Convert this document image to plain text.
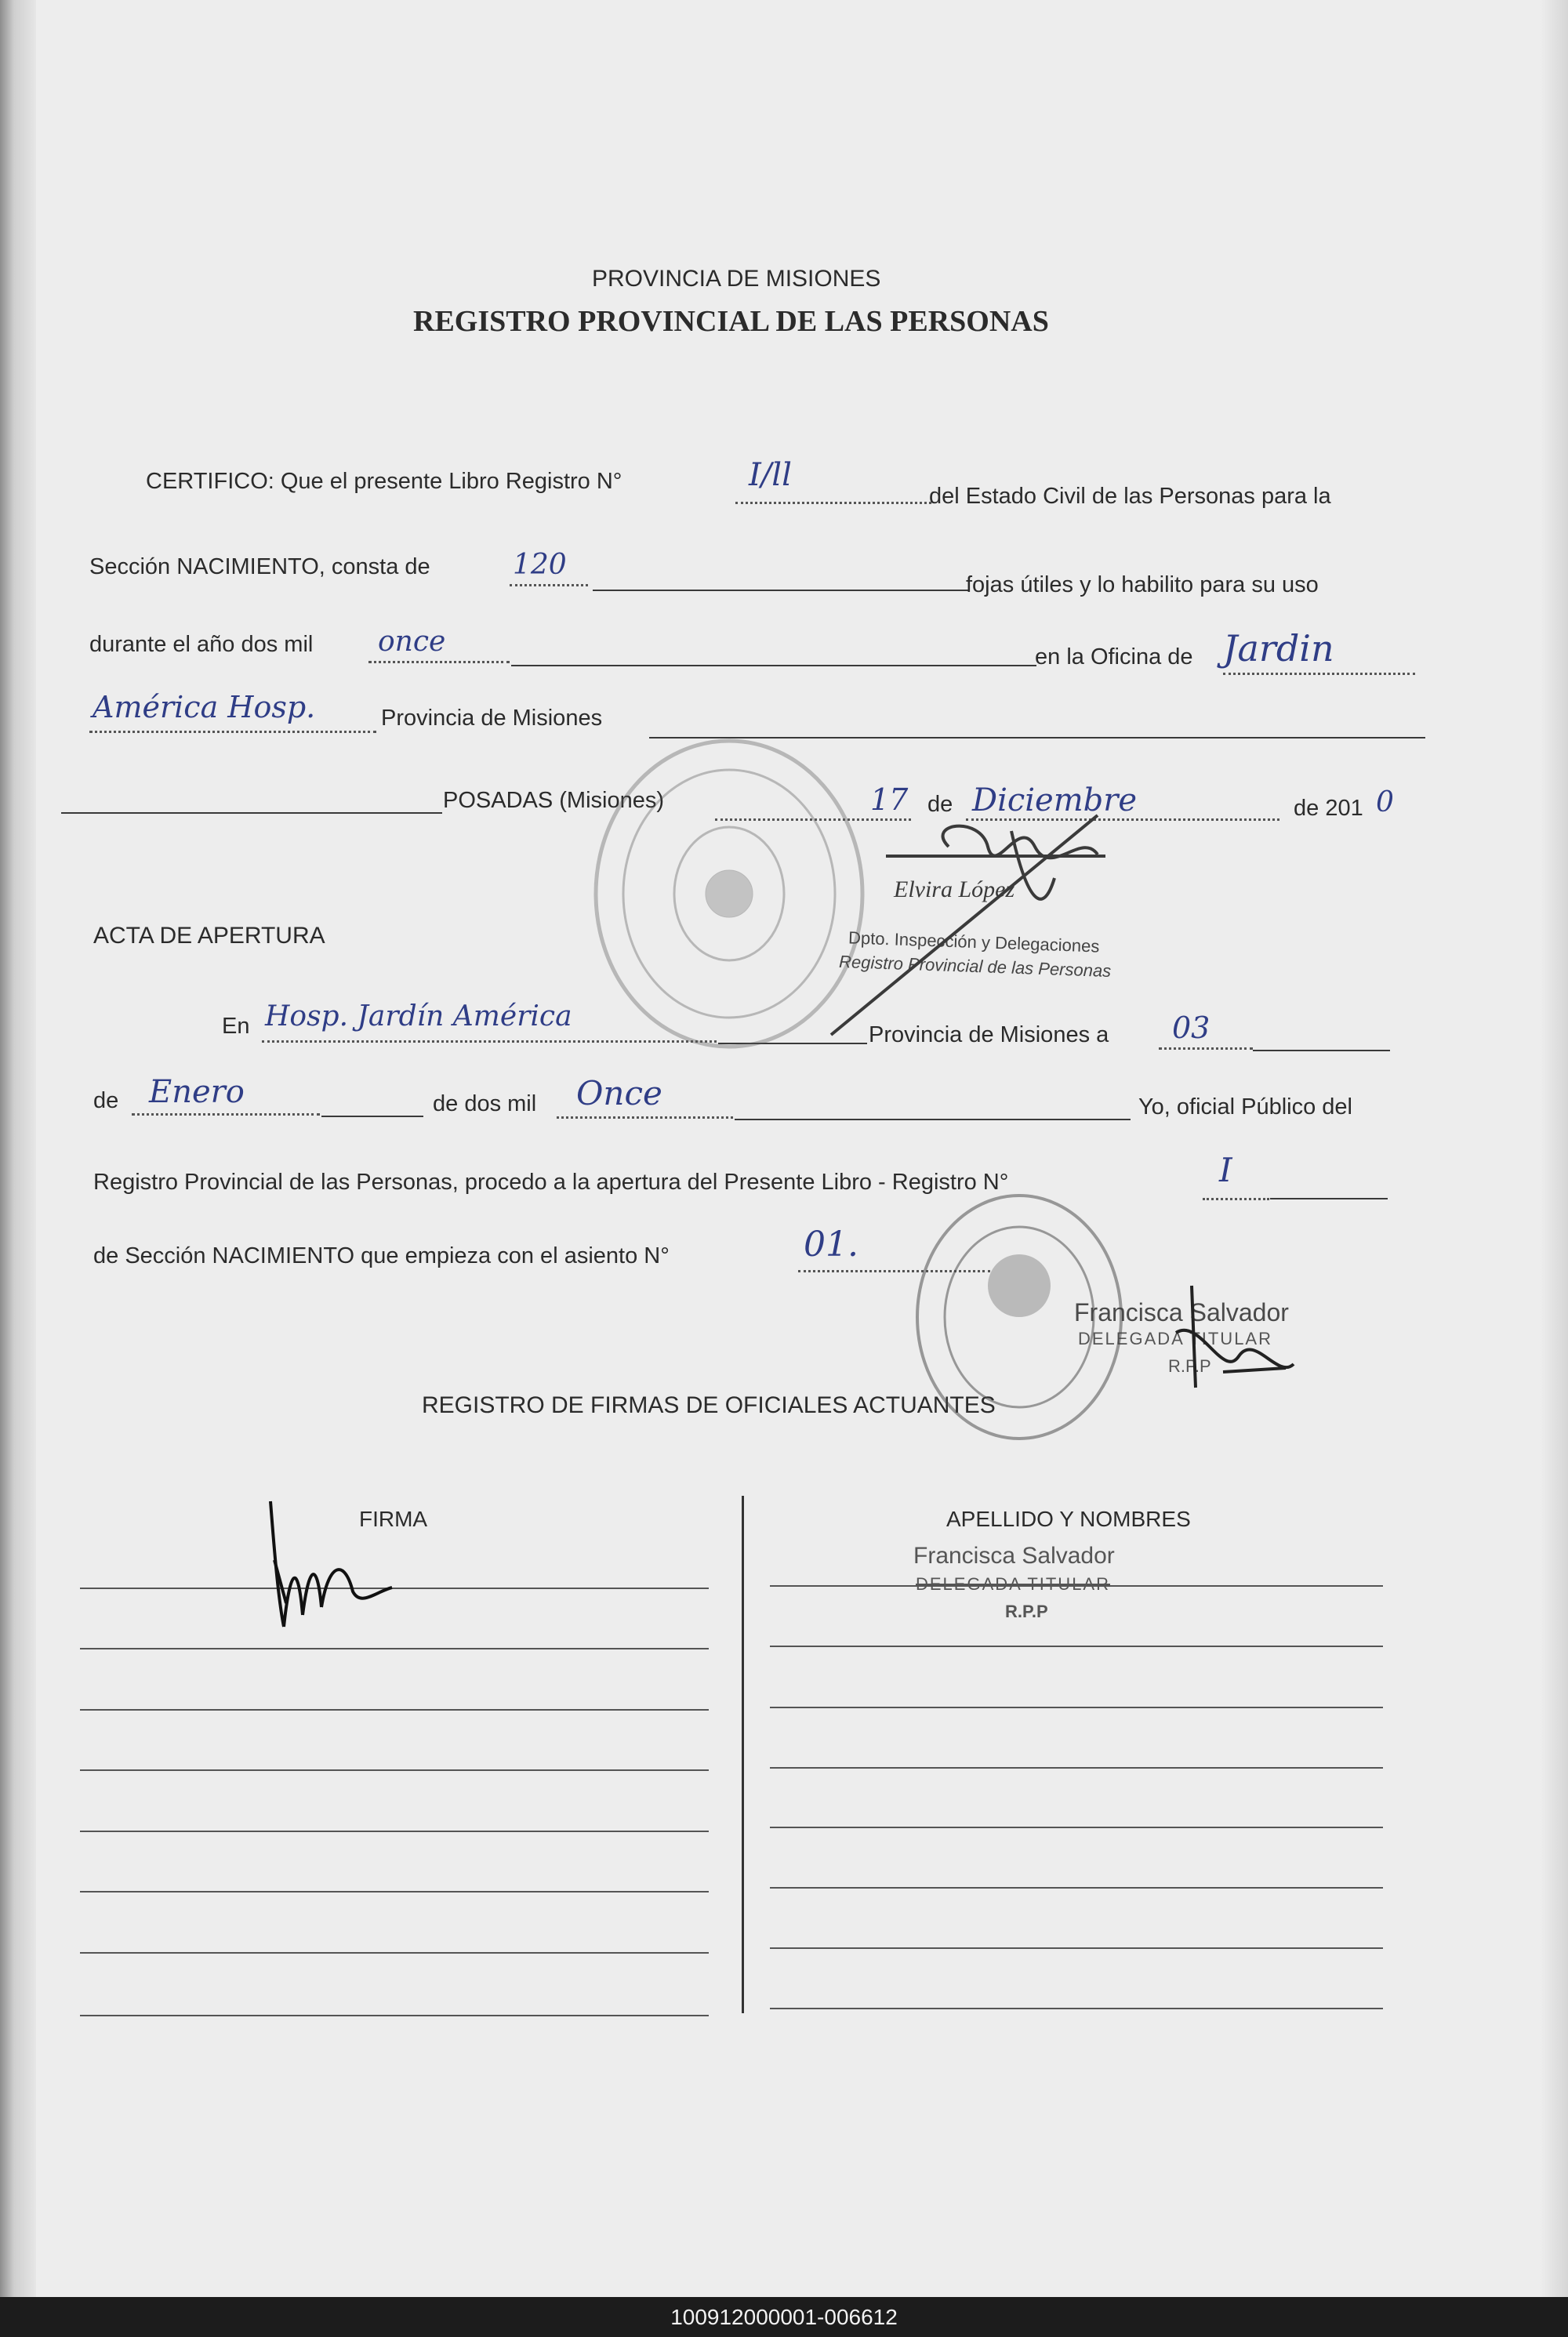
PROVINCIA DE MISIONES
REGISTRO PROVINCIAL DE LAS PERSONAS
CERTIFICO: Que el presente Libro Registro N°	I/ll
del Estado Civil de las Personas para la
Sección NACIMIENTO, consta de	120
fojas útiles y lo habilito para su uso
durante el año dos mil once	en la Oficina de Jardin
América Hosp.	Provincia de Misiones
POSADAS (Misiones)	17 de Diciembre	de 201 0
Elvira López
Dpto. Inspección y Delegaciones
Registro Provincial de las Personas
ACTA DE APERTURA
En Hosp. Jardín América
Provincia de Misiones a 03
de Enero	de dos mil Once	Yo, oficial Público del
Registro Provincial de las Personas, procedo a la apertura del Presente Libro - Registro N°	I
de Sección NACIMIENTO que empieza con el asiento N°	01.
Francisca Salvador
DELEGADA TITULAR
R.P.P
REGISTRO DE FIRMAS DE OFICIALES ACTUANTES
FIRMA	APELLIDO Y NOMBRES
Francisca Salvador
DELEGADA TITULAR
R.P.P
100912000001-006612
